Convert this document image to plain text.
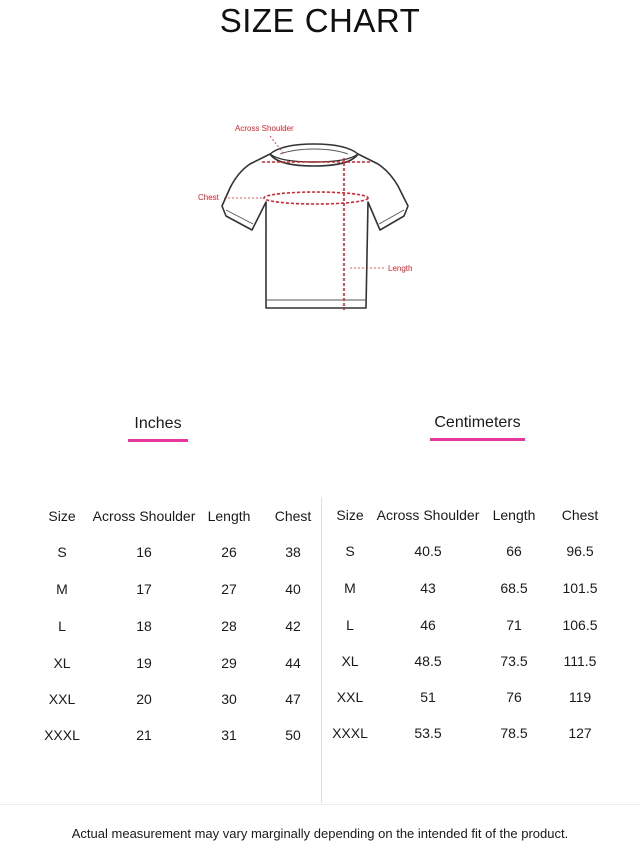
SIZE CHART
Across Shoulder
Chest
Length
Inches	Centimeters
Size Across Shoulder Length Chest
S	16	26	38
M	17	27	40
L	18	28	42
XL	19	29	44
XXL	20	30	47
XXXL	21	31	50
Size Across Shoulder Length Chest
S	40.5	66	96.5
M	43	68.5 101.5
L	46	71	106.5
XL	48.5	73.5	111.5
XXL	51	76	119
XXXL	53.5	78.5	127
Actual measurement may vary marginally depending on the intended fit of the product.
